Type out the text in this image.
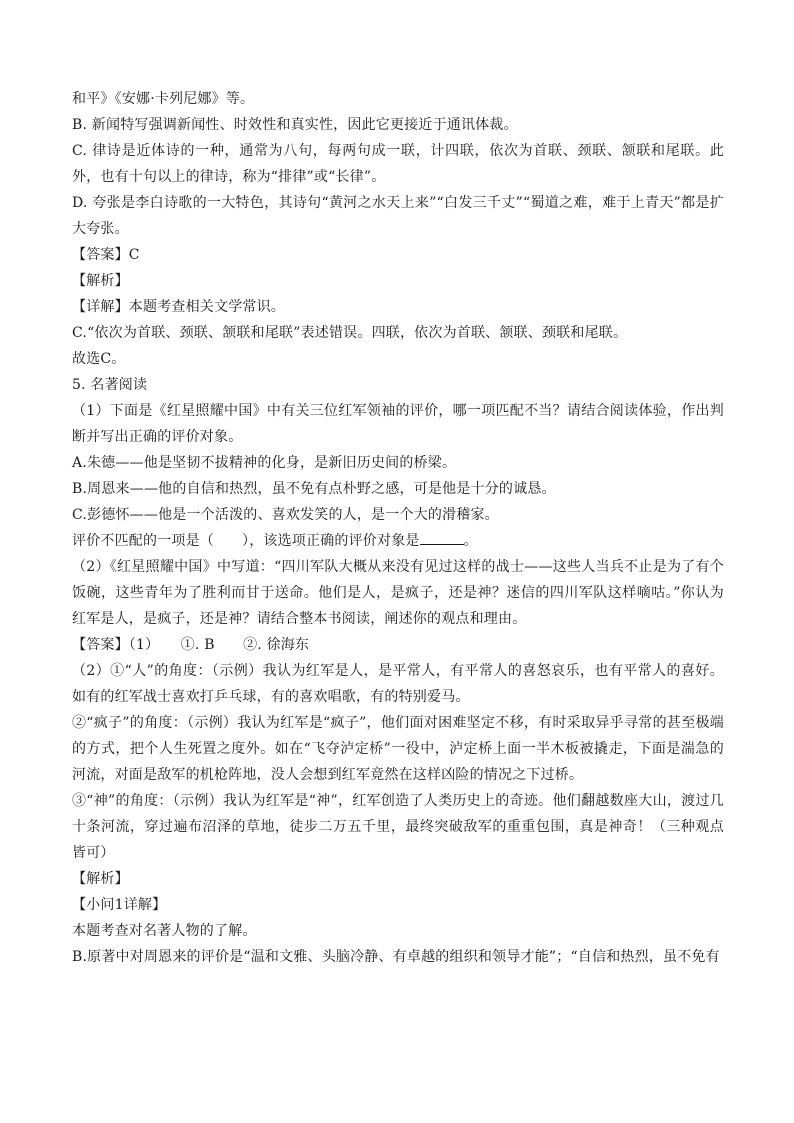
和平》《安娜·卡列尼娜》等。

B. 新闻特写强调新闻性、时效性和真实性，因此它更接近于通讯体裁。

C. 律诗是近体诗的一种，通常为八句，每两句成一联，计四联，依次为首联、颈联、颔联和尾联。此外，也有十句以上的律诗，称为“排律”或“长律”。

D. 夸张是李白诗歌的一大特色，其诗句“黄河之水天上来”“白发三千丈”“蜀道之难，难于上青天”都是扩大夸张。

【答案】C

【解析】

【详解】本题考查相关文学常识。

C.“依次为首联、颈联、颔联和尾联”表述错误。四联，依次为首联、颔联、颈联和尾联。

故选C。

5. 名著阅读

（1）下面是《红星照耀中国》中有关三位红军领袖的评价，哪一项匹配不当？请结合阅读体验，作出判断并写出正确的评价对象。

A.朱德——他是坚韧不拔精神的化身，是新旧历史间的桥梁。

B.周恩来——他的自信和热烈，虽不免有点朴野之感，可是他是十分的诚恳。

C.彭德怀——他是一个活泼的、喜欢发笑的人，是一个大的滑稽家。

评价不匹配的一项是（ ），该选项正确的评价对象是	。

（2）《红星照耀中国》中写道：“四川军队大概从来没有见过这样的战士——这些人当兵不止是为了有个饭碗，这些青年为了胜利而甘于送命。他们是人，是疯子，还是神？迷信的四川军队这样嘀咕。”你认为红军是人，是疯子，还是神？请结合整本书阅读，阐述你的观点和理由。

【答案】（1）　　①. B　　②. 徐海东

（2）①“人”的角度：（示例）我认为红军是人，是平常人，有平常人的喜怒哀乐，也有平常人的喜好。如有的红军战士喜欢打乒乓球，有的喜欢唱歌，有的特别爱马。

②“疯子”的角度：（示例）我认为红军是“疯子”，他们面对困难坚定不移，有时采取异乎寻常的甚至极端的方式，把个人生死置之度外。如在“飞夺泸定桥”一役中，泸定桥上面一半木板被撬走，下面是湍急的河流，对面是敌军的机枪阵地，没人会想到红军竟然在这样凶险的情况之下过桥。

③“神”的角度：（示例）我认为红军是“神”，红军创造了人类历史上的奇迹。他们翻越数座大山，渡过几十条河流，穿过遍布沼泽的草地，徒步二万五千里，最终突破敌军的重重包围，真是神奇！（三种观点皆可）

【解析】

【小问1详解】

本题考查对名著人物的了解。

B.原著中对周恩来的评价是“温和文雅、头脑冷静、有卓越的组织和领导才能”；“自信和热烈，虽不免有
